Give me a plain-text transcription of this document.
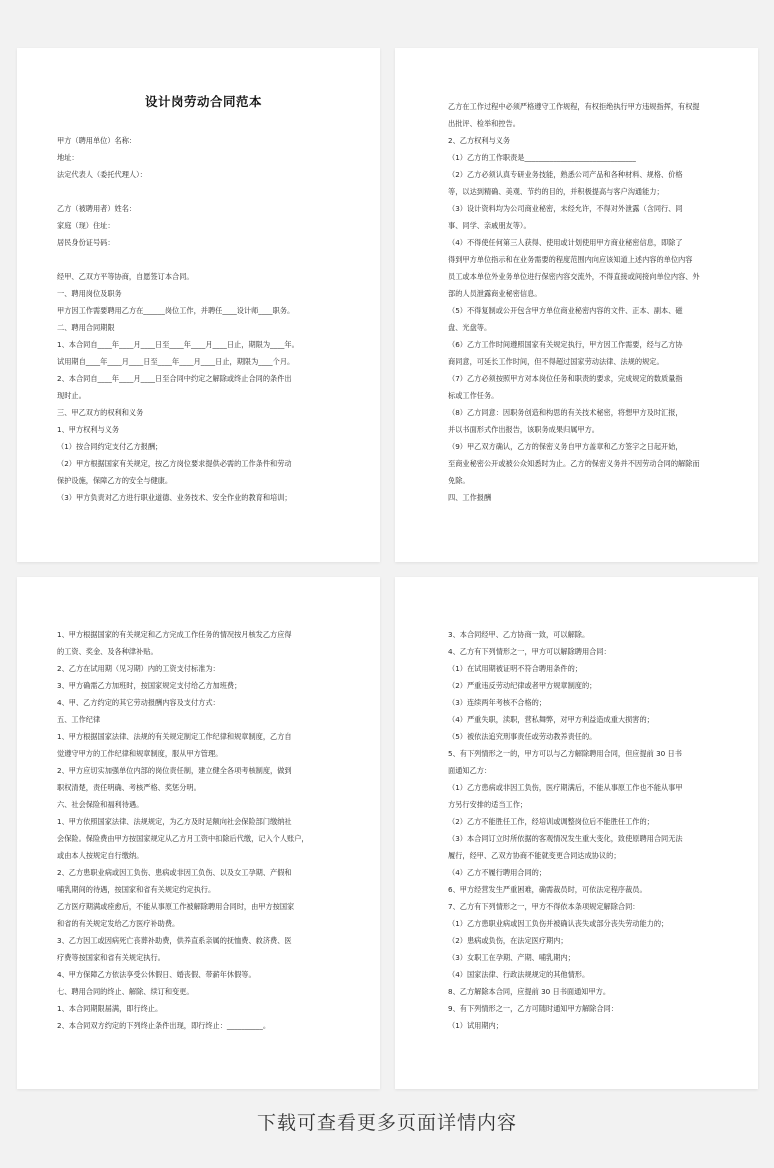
设计岗劳动合同范本

甲方（聘用单位）名称：

地址：

法定代表人（委托代理人）：

乙方（被聘用者）姓名：

家庭（现）住址：

居民身份证号码：

经甲、乙双方平等协商，自愿签订本合同。

一、聘用岗位及职务

甲方因工作需要聘用乙方在______岗位工作，并聘任____设计师____职务。

二、聘用合同期限

1、本合同自____年____月____日至____年____月____日止，期限为____年。

试用期自____年____月____日至____年____月____日止，期限为____个月。

2、本合同自____年____月____日至合同中约定之解除或终止合同的条件出

现时止。

三、甲乙双方的权利和义务

1、甲方权利与义务

（1）按合同约定支付乙方报酬；

（2）甲方根据国家有关规定，按乙方岗位要求提供必需的工作条件和劳动

保护设施，保障乙方的安全与健康。

（3）甲方负责对乙方进行职业道德、业务技术、安全作业的教育和培训；

乙方在工作过程中必须严格遵守工作规程，有权拒绝执行甲方违规指挥，有权提

出批评、检举和控告。

2、乙方权利与义务

（1）乙方的工作职责是_______________________________

（2）乙方必须认真专研业务技能，熟悉公司产品和各种材料、规格、价格

等，以达到精确、美观、节约的目的，并积极提高与客户沟通能力；

（3）设计资料均为公司商业秘密，未经允许，不得对外泄露（含同行、同

事、同学、亲戚朋友等）。

（4）不得使任何第三人获得、使用或计划使用甲方商业秘密信息，即除了

得到甲方单位指示和在业务需要的程度范围内向应该知道上述内容的单位内容

员工或本单位外业务单位进行保密内容交流外，不得直接或间接向单位内容、外

部的人员泄露商业秘密信息。

（5）不得复制或公开包含甲方单位商业秘密内容的文件、正本、副本、磁

盘、光盘等。

（6）乙方工作时间遵照国家有关规定执行，甲方因工作需要，经与乙方协

商同意，可延长工作时间，但不得超过国家劳动法律、法规的规定。

（7）乙方必须按照甲方对本岗位任务和职责的要求，完成规定的数质量指

标或工作任务。

（8）乙方同意：因职务创造和构思的有关技术秘密，将想甲方及时汇报，

并以书面形式作出报告，该职务成果归属甲方。

（9）甲乙双方确认，乙方的保密义务自甲方盖章和乙方签字之日起开始，

至商业秘密公开或被公众知悉时为止。乙方的保密义务并不因劳动合同的解除而

免除。

四、工作报酬

1、甲方根据国家的有关规定和乙方完成工作任务的情况按月核发乙方应得

的工资、奖金、及各种津补贴。

2、乙方在试用期（见习期）内的工资支付标准为：

3、甲方确需乙方加班时，按国家规定支付给乙方加班费；

4、甲、乙方约定的其它劳动报酬内容及支付方式：

五、工作纪律

1、甲方根据国家法律、法规的有关规定制定工作纪律和规章制度，乙方自

觉遵守甲方的工作纪律和规章制度，服从甲方管理。

2、甲方应切实加强单位内部的岗位责任制，建立健全各项考核制度，做到

职权清楚，责任明确、考核严格、奖惩分明。

六、社会保险和福利待遇。

1、甲方依照国家法律、法规规定，为乙方及时足额向社会保险部门缴纳社

会保险。保险费由甲方按国家规定从乙方月工资中扣除后代缴，记入个人账户，

或由本人按规定自行缴纳。

2、乙方患职业病或因工负伤、患病或非因工负伤、以及女工孕期、产假和

哺乳期间的待遇，按国家和省有关规定约定执行。

乙方医疗期满或痊愈后，不能从事原工作被解除聘用合同时，由甲方按国家

和省的有关规定发给乙方医疗补助费。

3、乙方因工或因病死亡丧葬补助费，供养直系亲属的抚恤费、救济费、医

疗费等按国家和省有关规定执行。

4、甲方保障乙方依法享受公休假日、婚丧假、带薪年休假等。

七、聘用合同的终止、解除、续订和变更。

1、本合同期限届满，即行终止。

2、本合同双方约定的下列终止条件出现，即行终止：__________。

3、本合同经甲、乙方协商一致，可以解除。

4、乙方有下列情形之一，甲方可以解除聘用合同：

（1）在试用期被证明不符合聘用条件的；

（2）严重违反劳动纪律或者甲方规章制度的；

（3）连续两年考核不合格的；

（4）严重失职，渎职，营私舞弊，对甲方利益造成重大损害的；

（5）被依法追究刑事责任或劳动教养责任的。

5、有下列情形之一的，甲方可以与乙方解除聘用合同，但应提前 30 日书

面通知乙方：

（1）乙方患病或非因工负伤，医疗期满后，不能从事原工作也不能从事甲

方另行安排的适当工作；

（2）乙方不能胜任工作，经培训或调整岗位后不能胜任工作的；

（3）本合同订立时所依据的客观情况发生重大变化，致使原聘用合同无法

履行，经甲、乙双方协商不能就变更合同达成协议的；

（4）乙方不履行聘用合同的；

6、甲方经营发生严重困难，确需裁员时，可依法定程序裁员。

7、乙方有下列情形之一，甲方不得依本条项规定解除合同：

（1）乙方患职业病或因工负伤并被确认丧失或部分丧失劳动能力的；

（2）患病或负伤，在法定医疗期内；

（3）女职工在孕期、产期、哺乳期内；

（4）国家法律、行政法规规定的其他情形。

8、乙方解除本合同，应提前 30 日书面通知甲方。

9、有下列情形之一，乙方可随时通知甲方解除合同：

（1）试用期内；

下载可查看更多页面详情内容
